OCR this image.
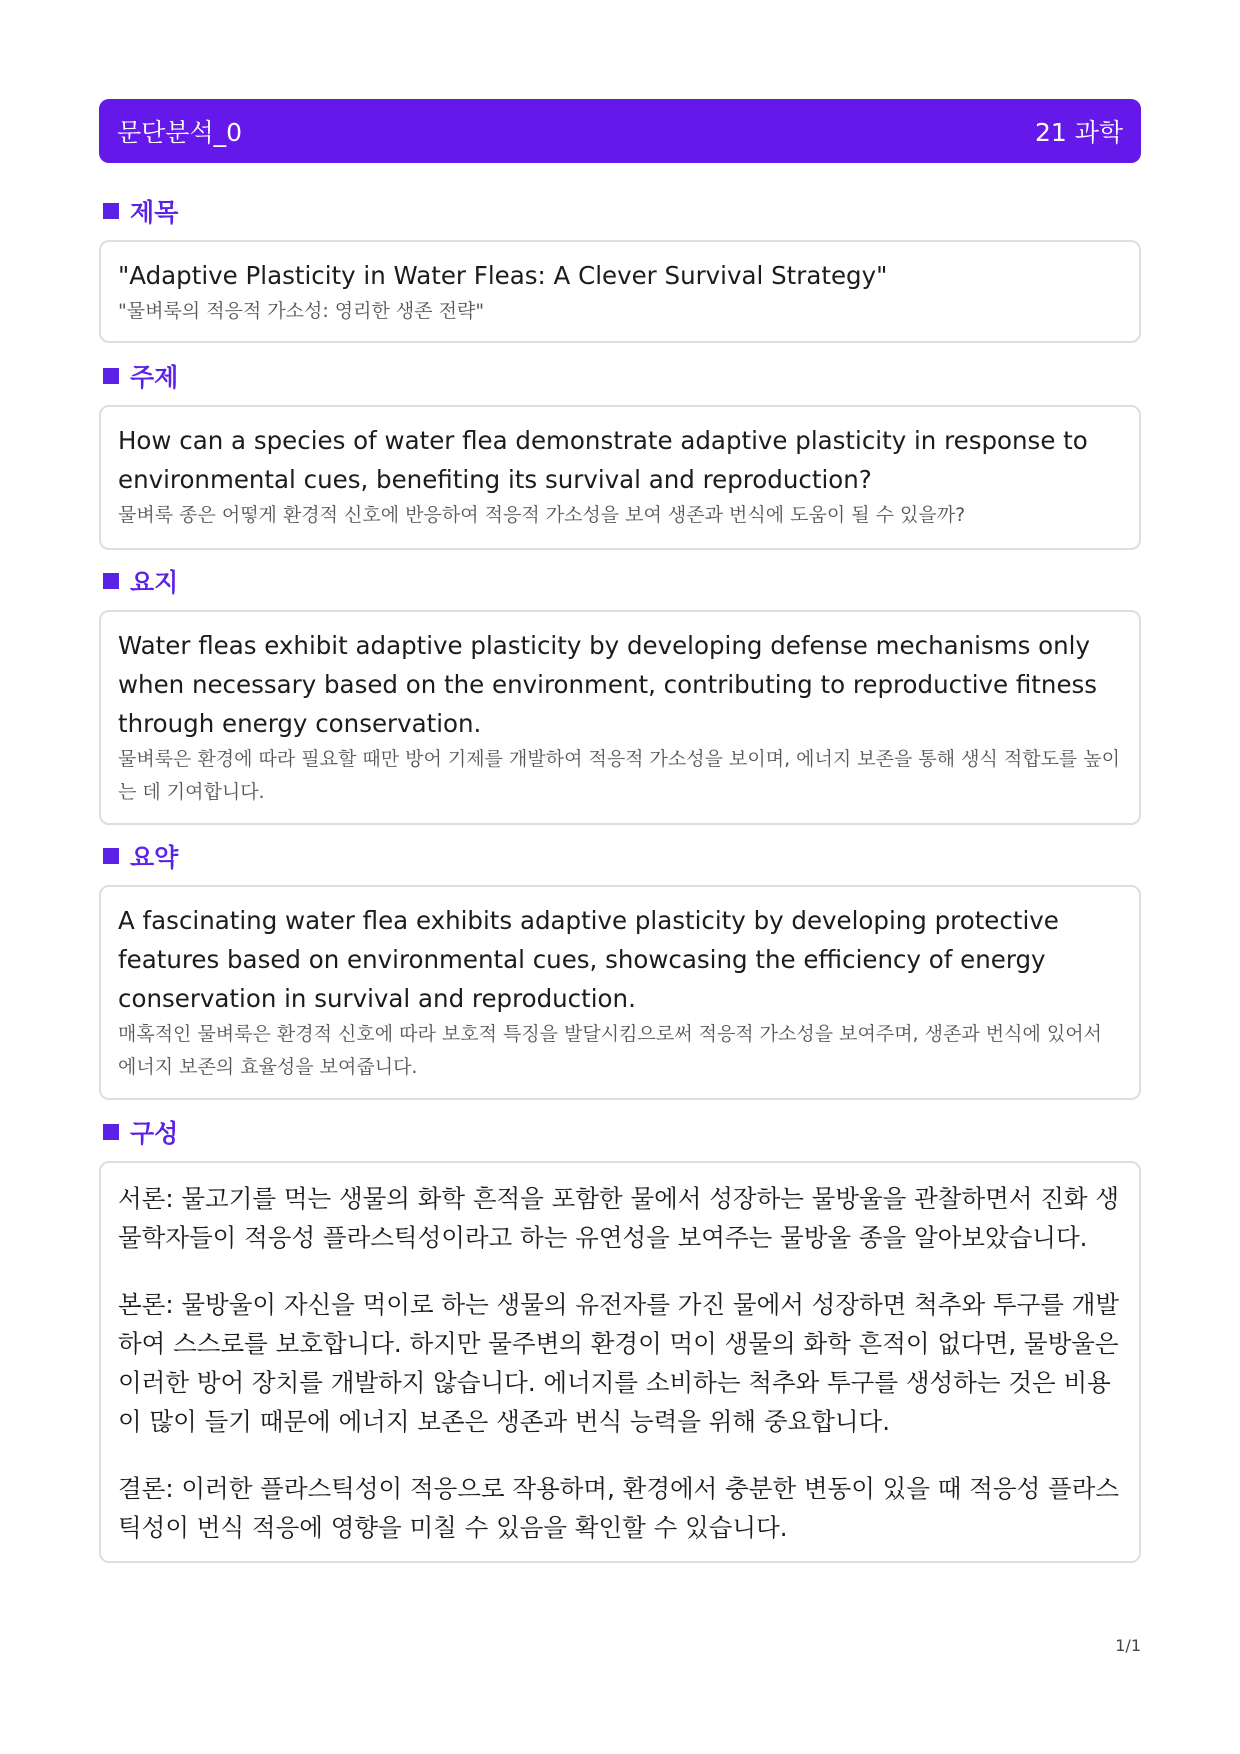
문단분석_0	21 과학
제목

"Adaptive Plasticity in Water Fleas: A Clever Survival Strategy"

"물벼룩의 적응적 가소성: 영리한 생존 전략"

주제

How can a species of water flea demonstrate adaptive plasticity in response to environmental cues, benefiting its survival and reproduction?

물벼룩 종은 어떻게 환경적 신호에 반응하여 적응적 가소성을 보여 생존과 번식에 도움이 될 수 있을까?

요지

Water fleas exhibit adaptive plasticity by developing defense mechanisms only when necessary based on the environment, contributing to reproductive fitness through energy conservation.

물벼룩은 환경에 따라 필요할 때만 방어 기제를 개발하여 적응적 가소성을 보이며, 에너지 보존을 통해 생식 적합도를 높이는 데 기여합니다.

요약

A fascinating water flea exhibits adaptive plasticity by developing protective features based on environmental cues, showcasing the efficiency of energy conservation in survival and reproduction.

매혹적인 물벼룩은 환경적 신호에 따라 보호적 특징을 발달시킴으로써 적응적 가소성을 보여주며, 생존과 번식에 있어서 에너지 보존의 효율성을 보여줍니다.

구성

서론: 물고기를 먹는 생물의 화학 흔적을 포함한 물에서 성장하는 물방울을 관찰하면서 진화 생물학자들이 적응성 플라스틱성이라고 하는 유연성을 보여주는 물방울 종을 알아보았습니다.

본론: 물방울이 자신을 먹이로 하는 생물의 유전자를 가진 물에서 성장하면 척추와 투구를 개발하여 스스로를 보호합니다. 하지만 물주변의 환경이 먹이 생물의 화학 흔적이 없다면, 물방울은 이러한 방어 장치를 개발하지 않습니다. 에너지를 소비하는 척추와 투구를 생성하는 것은 비용이 많이 들기 때문에 에너지 보존은 생존과 번식 능력을 위해 중요합니다.

결론: 이러한 플라스틱성이 적응으로 작용하며, 환경에서 충분한 변동이 있을 때 적응성 플라스틱성이 번식 적응에 영향을 미칠 수 있음을 확인할 수 있습니다.

1/1
